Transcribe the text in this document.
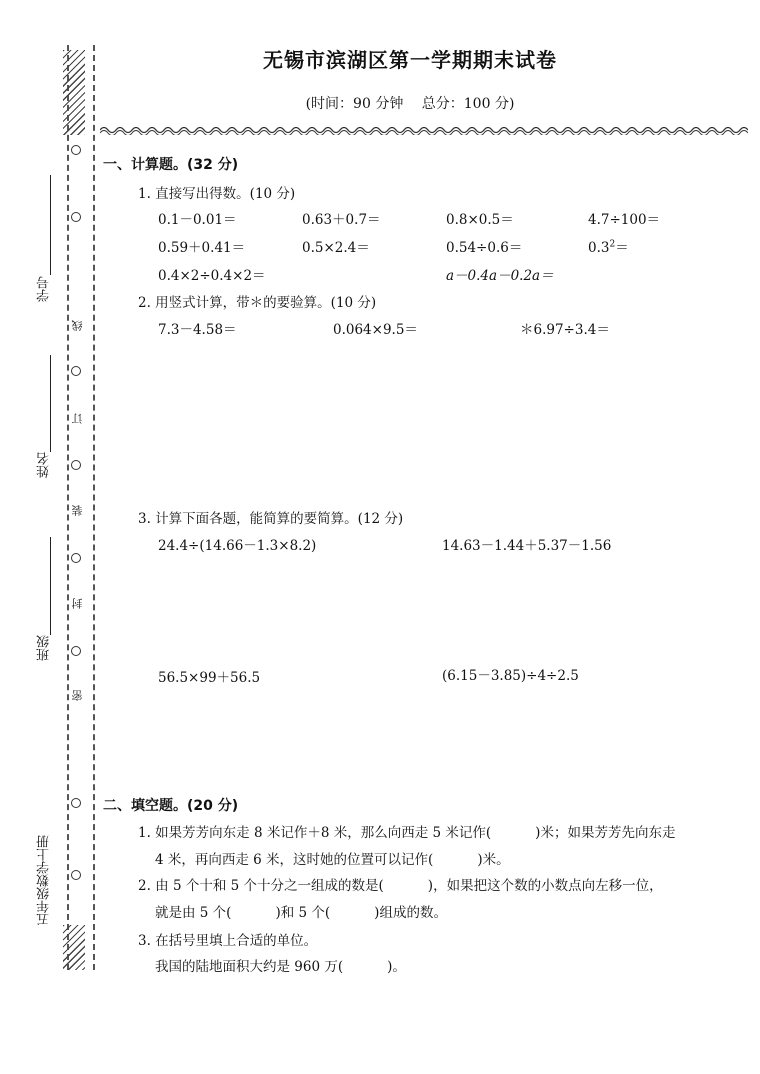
线
订
装
封
密
学号
姓名
班级
五年级数学上册
无锡市滨湖区第一学期期末试卷
(时间：90 分钟　 总分：100 分)
一、计算题。(32 分)
1. 直接写出得数。(10 分)
0.1－0.01＝	0.63＋0.7＝	0.8×0.5＝	4.7÷100＝
0.59＋0.41＝	0.5×2.4＝	0.54÷0.6＝	$0.3^2=$
0.4×2÷0.4×2＝	a－0.4a－0.2a＝
2. 用竖式计算，带＊的要验算。(10 分)
7.3－4.58＝	0.064×9.5＝	＊6.97÷3.4＝
3. 计算下面各题，能简算的要简算。(12 分)
24.4÷(14.66－1.3×8.2)	14.63－1.44＋5.37－1.56
56.5×99＋56.5	(6.15－3.85)÷4÷2.5
二、填空题。(20 分)
1. 如果芳芳向东走 8 米记作＋8 米，那么向西走 5 米记作(	)米；如果芳芳先向东走
4 米，再向西走 6 米，这时她的位置可以记作(	)米。
2. 由 5 个十和 5 个十分之一组成的数是(	)，如果把这个数的小数点向左移一位，
就是由 5 个(	)和 5 个(	)组成的数。
3. 在括号里填上合适的单位。
我国的陆地面积大约是 960 万(	)。
